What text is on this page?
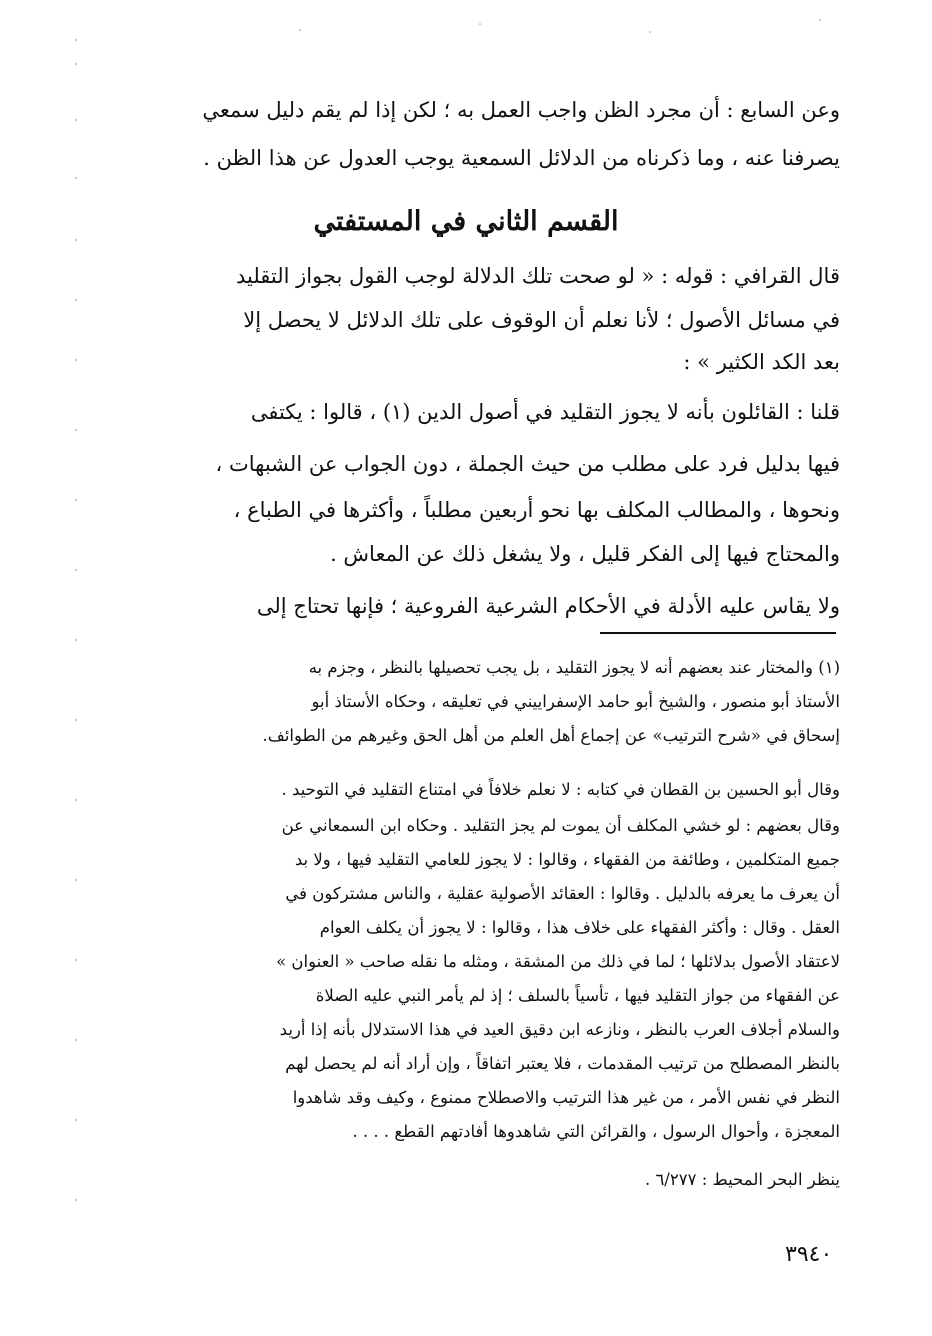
وعن السابع : أن مجرد الظن واجب العمل به ؛ لكن إذا لم يقم دليل سمعي
يصرفنا عنه ، وما ذكرناه من الدلائل السمعية يوجب العدول عن هذا الظن .
القسم الثاني في المستفتي
قال القرافي : قوله : « لو صحت تلك الدلالة لوجب القول بجواز التقليد
في مسائل الأصول ؛ لأنا نعلم أن الوقوف على تلك الدلائل لا يحصل إلا
بعد الكد الكثير » :
قلنا : القائلون بأنه لا يجوز التقليد في أصول الدين (١) ، قالوا : يكتفى
فيها بدليل فرد على مطلب من حيث الجملة ، دون الجواب عن الشبهات ،
ونحوها ، والمطالب المكلف بها نحو أربعين مطلباً ، وأكثرها في الطباع ،
والمحتاج فيها إلى الفكر قليل ، ولا يشغل ذلك عن المعاش .
ولا يقاس عليه الأدلة في الأحكام الشرعية الفروعية ؛ فإنها تحتاج إلى
(١) والمختار عند بعضهم أنه لا يجوز التقليد ، بل يجب تحصيلها بالنظر ، وجزم به
الأستاذ أبو منصور ، والشيخ أبو حامد الإسفراييني في تعليقه ، وحكاه الأستاذ أبو
إسحاق في «شرح الترتيب» عن إجماع أهل العلم من أهل الحق وغيرهم من الطوائف.
وقال أبو الحسين بن القطان في كتابه : لا نعلم خلافاً في امتناع التقليد في التوحيد .
وقال بعضهم : لو خشي المكلف أن يموت لم يجز التقليد . وحكاه ابن السمعاني عن
جميع المتكلمين ، وطائفة من الفقهاء ، وقالوا : لا يجوز للعامي التقليد فيها ، ولا بد
أن يعرف ما يعرفه بالدليل . وقالوا : العقائد الأصولية عقلية ، والناس مشتركون في
العقل . وقال : وأكثر الفقهاء على خلاف هذا ، وقالوا : لا يجوز أن يكلف العوام
لاعتقاد الأصول بدلائلها ؛ لما في ذلك من المشقة ، ومثله ما نقله صاحب « العنوان »
عن الفقهاء من جواز التقليد فيها ، تأسياً بالسلف ؛ إذ لم يأمر النبي عليه الصلاة
والسلام أجلاف العرب بالنظر ، ونازعه ابن دقيق العيد في هذا الاستدلال بأنه إذا أريد
بالنظر المصطلح من ترتيب المقدمات ، فلا يعتبر اتفاقاً ، وإن أراد أنه لم يحصل لهم
النظر في نفس الأمر ، من غير هذا الترتيب والاصطلاح ممنوع ، وكيف وقد شاهدوا
المعجزة ، وأحوال الرسول ، والقرائن التي شاهدوها أفادتهم القطع . . . .
ينظر البحر المحيط : ٦/٢٧٧ .
٣٩٤٠
